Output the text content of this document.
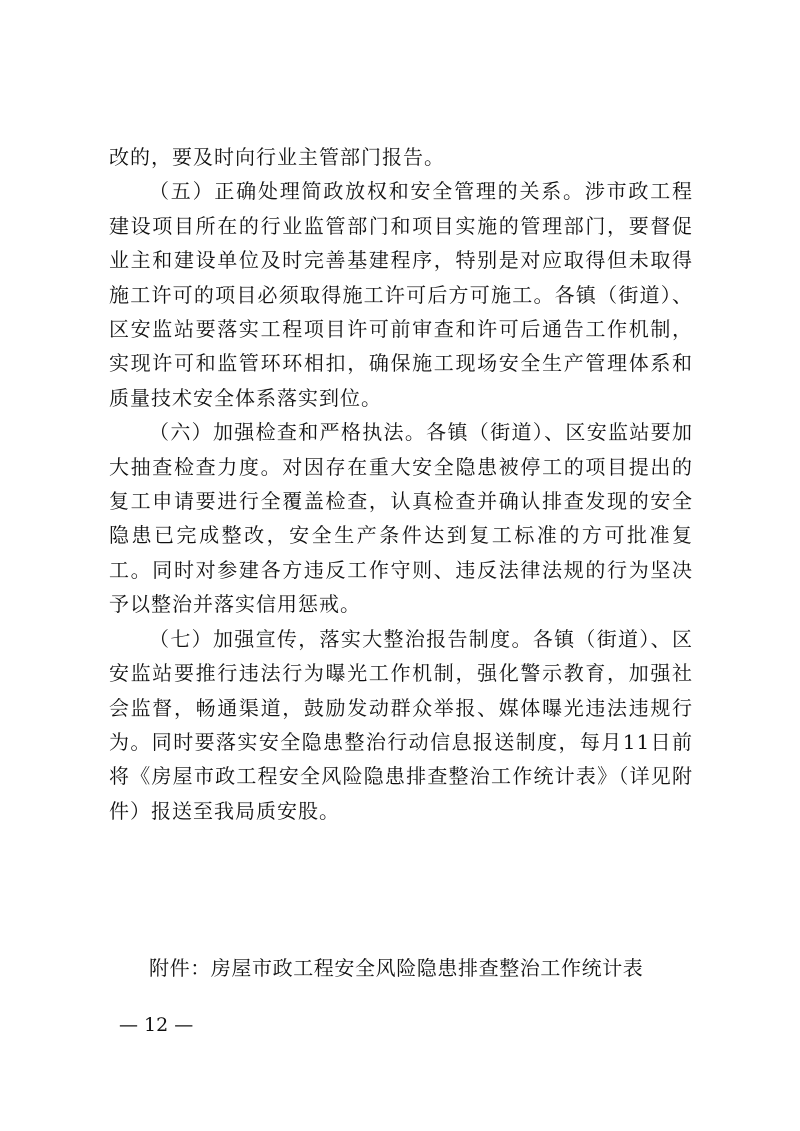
改的，要及时向行业主管部门报告。

（五）正确处理简政放权和安全管理的关系。涉市政工程建设项目所在的行业监管部门和项目实施的管理部门，要督促业主和建设单位及时完善基建程序，特别是对应取得但未取得施工许可的项目必须取得施工许可后方可施工。各镇（街道）、区安监站要落实工程项目许可前审查和许可后通告工作机制，实现许可和监管环环相扣，确保施工现场安全生产管理体系和质量技术安全体系落实到位。

（六）加强检查和严格执法。各镇（街道）、区安监站要加大抽查检查力度。对因存在重大安全隐患被停工的项目提出的复工申请要进行全覆盖检查，认真检查并确认排查发现的安全隐患已完成整改，安全生产条件达到复工标准的方可批准复工。同时对参建各方违反工作守则、违反法律法规的行为坚决予以整治并落实信用惩戒。

（七）加强宣传，落实大整治报告制度。各镇（街道）、区安监站要推行违法行为曝光工作机制，强化警示教育，加强社会监督，畅通渠道，鼓励发动群众举报、媒体曝光违法违规行为。同时要落实安全隐患整治行动信息报送制度，每月11日前将《房屋市政工程安全风险隐患排查整治工作统计表》（详见附件）报送至我局质安股。

附件：房屋市政工程安全风险隐患排查整治工作统计表
— 12 —
